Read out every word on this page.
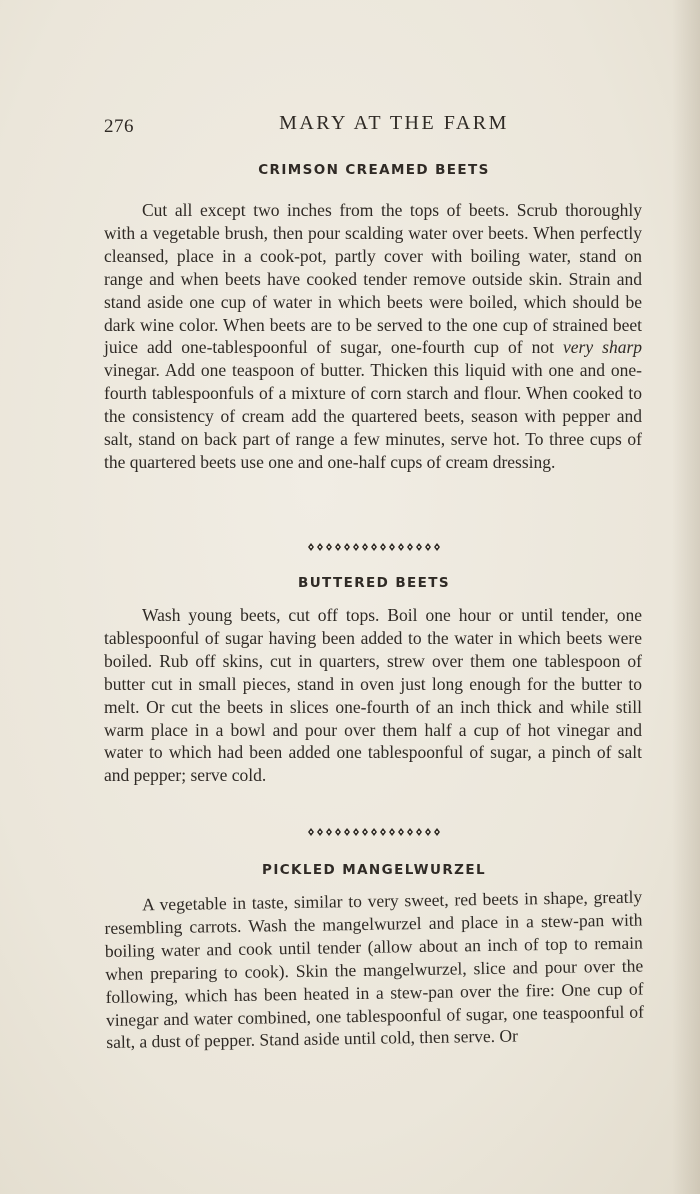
276	MARY AT THE FARM
CRIMSON CREAMED BEETS

Cut all except two inches from the tops of beets. Scrub thoroughly with a vegetable brush, then pour scalding water over beets. When perfectly cleansed, place in a cook-pot, partly cover with boiling water, stand on range and when beets have cooked tender remove outside skin. Strain and stand aside one cup of water in which beets were boiled, which should be dark wine color. When beets are to be served to the one cup of strained beet juice add one-tablespoonful of sugar, one-fourth cup of not very sharp vinegar. Add one teaspoon of butter. Thicken this liquid with one and one-fourth tablespoonfuls of a mixture of corn starch and flour. When cooked to the consistency of cream add the quartered beets, season with pepper and salt, stand on back part of range a few minutes, serve hot. To three cups of the quartered beets use one and one-half cups of cream dressing.

BUTTERED BEETS

Wash young beets, cut off tops. Boil one hour or until tender, one tablespoonful of sugar having been added to the water in which beets were boiled. Rub off skins, cut in quarters, strew over them one tablespoon of butter cut in small pieces, stand in oven just long enough for the butter to melt. Or cut the beets in slices one-fourth of an inch thick and while still warm place in a bowl and pour over them half a cup of hot vinegar and water to which had been added one tablespoonful of sugar, a pinch of salt and pepper; serve cold.

PICKLED MANGELWURZEL

A vegetable in taste, similar to very sweet, red beets in shape, greatly resembling carrots. Wash the mangelwurzel and place in a stew-pan with boiling water and cook until tender (allow about an inch of top to remain when preparing to cook). Skin the mangelwurzel, slice and pour over the following, which has been heated in a stew-pan over the fire: One cup of vinegar and water combined, one tablespoonful of sugar, one teaspoonful of salt, a dust of pepper. Stand aside until cold, then serve. Or
